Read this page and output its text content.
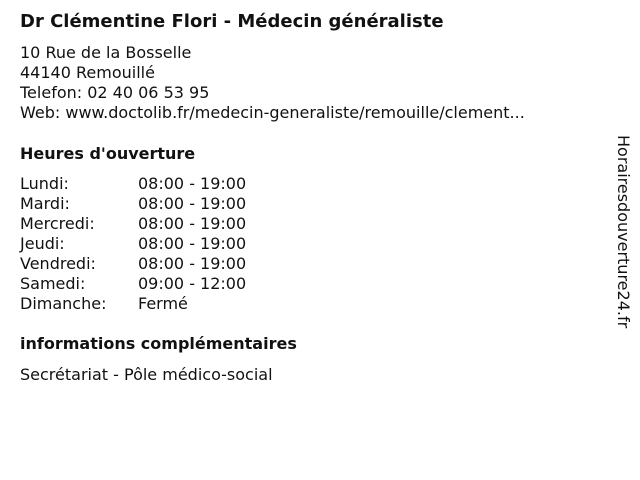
Dr Clémentine Flori - Médecin généraliste
10 Rue de la Bosselle
44140 Remouillé
Telefon: 02 40 06 53 95
Web: www.doctolib.fr/medecin-generaliste/remouille/clement...
Heures d'ouverture
Lundi:	08:00 - 19:00
Mardi:	08:00 - 19:00
Mercredi:	08:00 - 19:00
Jeudi:	08:00 - 19:00
Vendredi:	08:00 - 19:00
Samedi:	09:00 - 12:00
Dimanche:	Fermé
informations complémentaires
Secrétariat - Pôle médico-social
Horairesdouverture24.fr
